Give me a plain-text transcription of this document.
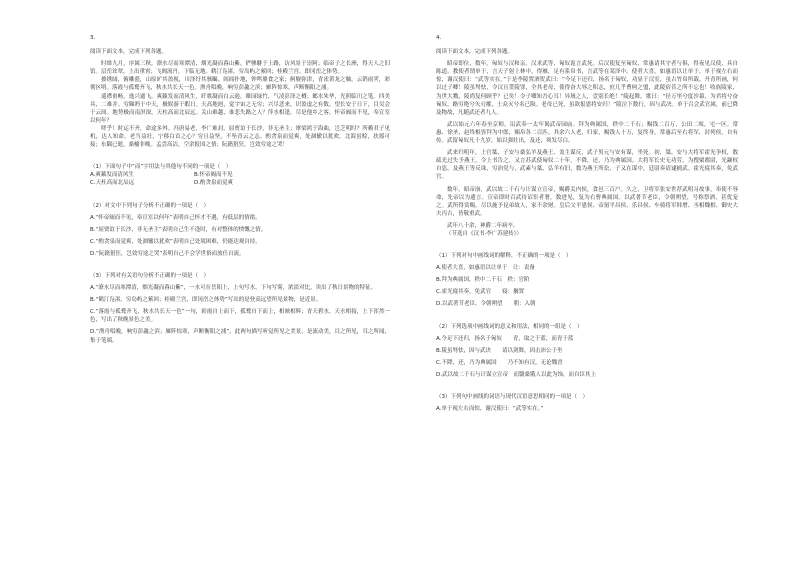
3.
阅读下面文本，完成下列各题。
时维九月，序属三秋。潦水尽而寒潭清，烟光凝而暮山紫。俨骖騑于上路，访风景于崇阿；临帝子之长洲，得天人之旧馆。层峦耸翠，上出重霄；飞阁流丹，下临无地。鹤汀凫渚，穷岛屿之萦回；桂殿兰宫，即冈峦之体势。
披绣闼，俯雕甍，山原旷其盈视，川泽纡其骇瞩。闾阎扑地，钟鸣鼎食之家；舸舰弥津，青雀黄龙之舳。云销雨霁，彩彻区明。落霞与孤鹜齐飞，秋水共长天一色。渔舟唱晚，响穷彭蠡之滨；雁阵惊寒，声断衡阳之浦。
遥襟甫畅，逸兴遄飞。爽籁发而清风生，纤歌凝而白云遏。睢园绿竹，气凌彭泽之樽；邺水朱华，光照临川之笔。四美具，二难并。穷睇眄于中天，极娱游于暇日。天高地迥，觉宇宙之无穷；兴尽悲来，识盈虚之有数。望长安于日下，目吴会于云间。地势极而南溟深，天柱高而北辰远。关山难越，谁悲失路之人？萍水相逢，尽是他乡之客。怀帝阍而不见，奉宣室以何年？
嗟乎！时运不齐，命途多舛。冯唐易老，李广难封。屈贾谊于长沙，非无圣主；窜梁鸿于海曲，岂乏明时？所赖君子见机，达人知命。老当益壮，宁移白首之心？穷且益坚，不坠青云之志。酌贪泉而觉爽，处涸辙以犹欢。北海虽赊，扶摇可接；东隅已逝，桑榆非晚。孟尝高洁，空余报国之情；阮籍猖狂，岂效穷途之哭！
（1）下面句子中“而”字用法与其他句不同的一项是（　）
A.爽籁发而清风生	B.怀帝阍而不见
C.天柱高而北辰远	D.酌贪泉而觉爽
（2）对文中下列句子分析不正确的一项是（　）
A.“怀帝阍而不见，奉宣室以何年”表明自己怀才不遇，有低层的情绪。
B.“屈贾谊于长沙，非无圣主”表明自己生不逢时，有对整体的愤慨之情。
C.“酌贪泉而觉爽，处涸辙以犹欢”表明自己处境困难，仍能达观自持。
D.“阮籍猖狂，岂效穷途之哭”表明自己不会学世俗而放任自流。
（3）下列对有关语句分析不正确的一项是（　）
A.“潦水尽而寒潭清，烟光凝而暮山紫”，一水可在岳阳上，上句写水，下句写雾，浓淡对比，突出了秋日景物的特征。
B.“鹤汀凫渚，穷岛屿之萦回；桂殿兰宫，即冈峦之体势”写出的是登高远望所见景物，是近景。
C.“落霞与孤鹜齐飞，秋水共长天一色”一句，彩霞自上而下，孤鹜自下而上，相映相辉；青天碧水，天水相接，上下浑然一色，写出了秋晚景色之美。
D.“渔舟唱晚，响穷彭蠡之滨；雁阵惊寒，声断衡阳之浦”，此两句描写听觉所见之美景，是流动美，目之所见，耳之所闻，集于笔端。
4.
阅读下面文本，完成下列各题。
昭帝即位，数年，匈奴与汉和亲。汉求武等，匈奴诡言武死。后汉使复至匈奴，常惠请其守者与俱，得夜见汉使，具自陈道。教使者谓单于，言天子射上林中，得雁，足有系帛书，言武等在某泽中。使者大喜，如惠语以让单于。单于视左右而惊，谢汉使曰：“武等实在。”于是李陵置酒贺武曰：“今足下还归，扬名于匈奴，功显于汉室，虽古竹帛所载，丹青所画，何以过子卿！陵虽驽怯，令汉且贳陵罪，全其老母，使得奋大辱之积志，庶几乎曹柯之盟，此陵宿昔之所不忘也！收族陵家，为世大戮，陵尚复何顾乎？已矣！令子卿知吾心耳！异域之人，壹别长绝！”陵起舞，歌曰：“径万里兮度沙幕，为君将兮奋匈奴。路穷绝兮矢刃摧，士众灭兮名已陨。老母已死，虽欲报恩将安归！”陵泣下数行，因与武决。单于召会武官属，前已降及物故，凡随武还者九人。
武以始元六年春至京师。诏武奉一太牢谒武帝园庙。拜为典属国，秩中二千石；赐钱二百万，公田二顷，宅一区。常惠、徐圣、赵终根皆拜为中郎，赐帛各二百匹。其余六人老，归家，赐钱人十万，复终身。常惠后至右将军，封列侯，自有传。武留匈奴凡十九岁，始以强壮出，及还，须发尽白。
武来归明年，上官桀、子安与桑弘羊及燕王、盖主谋反，武子男元与安有谋，坐死。初，桀、安与大将军霍光争权，数疏光过失予燕王，令上书告之。又言苏武使匈奴二十年，不降，还，乃为典属国。大将军长史无功劳，为搜粟都尉，光颛权自恣。及燕王等反诛，穷治党与，武素与桀、弘羊有旧，数为燕王所讼，子又在谋中，廷尉奏请逮捕武。霍光寝其奏，免武官。
数年，昭帝崩，武以故二千石与计谋立宣帝，赐爵关内侯，食邑三百户。久之，卫将军张安世荐武明习故事，奉使不辱命，先帝以为遗言。宣帝即时召武待诏宦者署，数进见，复为右曹典属国。以武著节老臣，令朝朔望，号称祭酒，甚优宠之。武所得赏赐，尽以施予昆弟故人，家不余财。皇后父平恩侯、帝舅平昌侯、乐昌侯、车骑将军韩增、丞相魏相、御史大夫丙吉，皆敬重武。
武年八十余，神爵二年病卒。
（节选自《汉书·李广苏建传》）
（1）下列对句中画线词的解释，不正确的一项是（　）
A.使者大喜，如惠语以让单于　让：责备
B.拜为典属国，秩中二千石　秩：官阶
C.霍光寝其奏，免武官　　寝：搁置
D.以武著节老臣，令朝朔望　　朝：入朝
（2）下列选项中画线词的意义和用法，相同的一组是（　）
A.今足下还归，扬名于匈奴　　青，取之于蓝，而青于蓝
B.陵虽驽怯，因与武诀　　请以剑舞，因击沛公于坐
C.不降，还，乃为典属国　　乃不知有汉，无论魏晋
D.武以故二千石与计谋立宣帝　而翳桑饿人以此为饰，而自臣其上
（3）下列句中画线的词语与现代汉语意思相同的一项是（　）
A.单于视左右而惊，谢汉使曰：“武等实在。”
